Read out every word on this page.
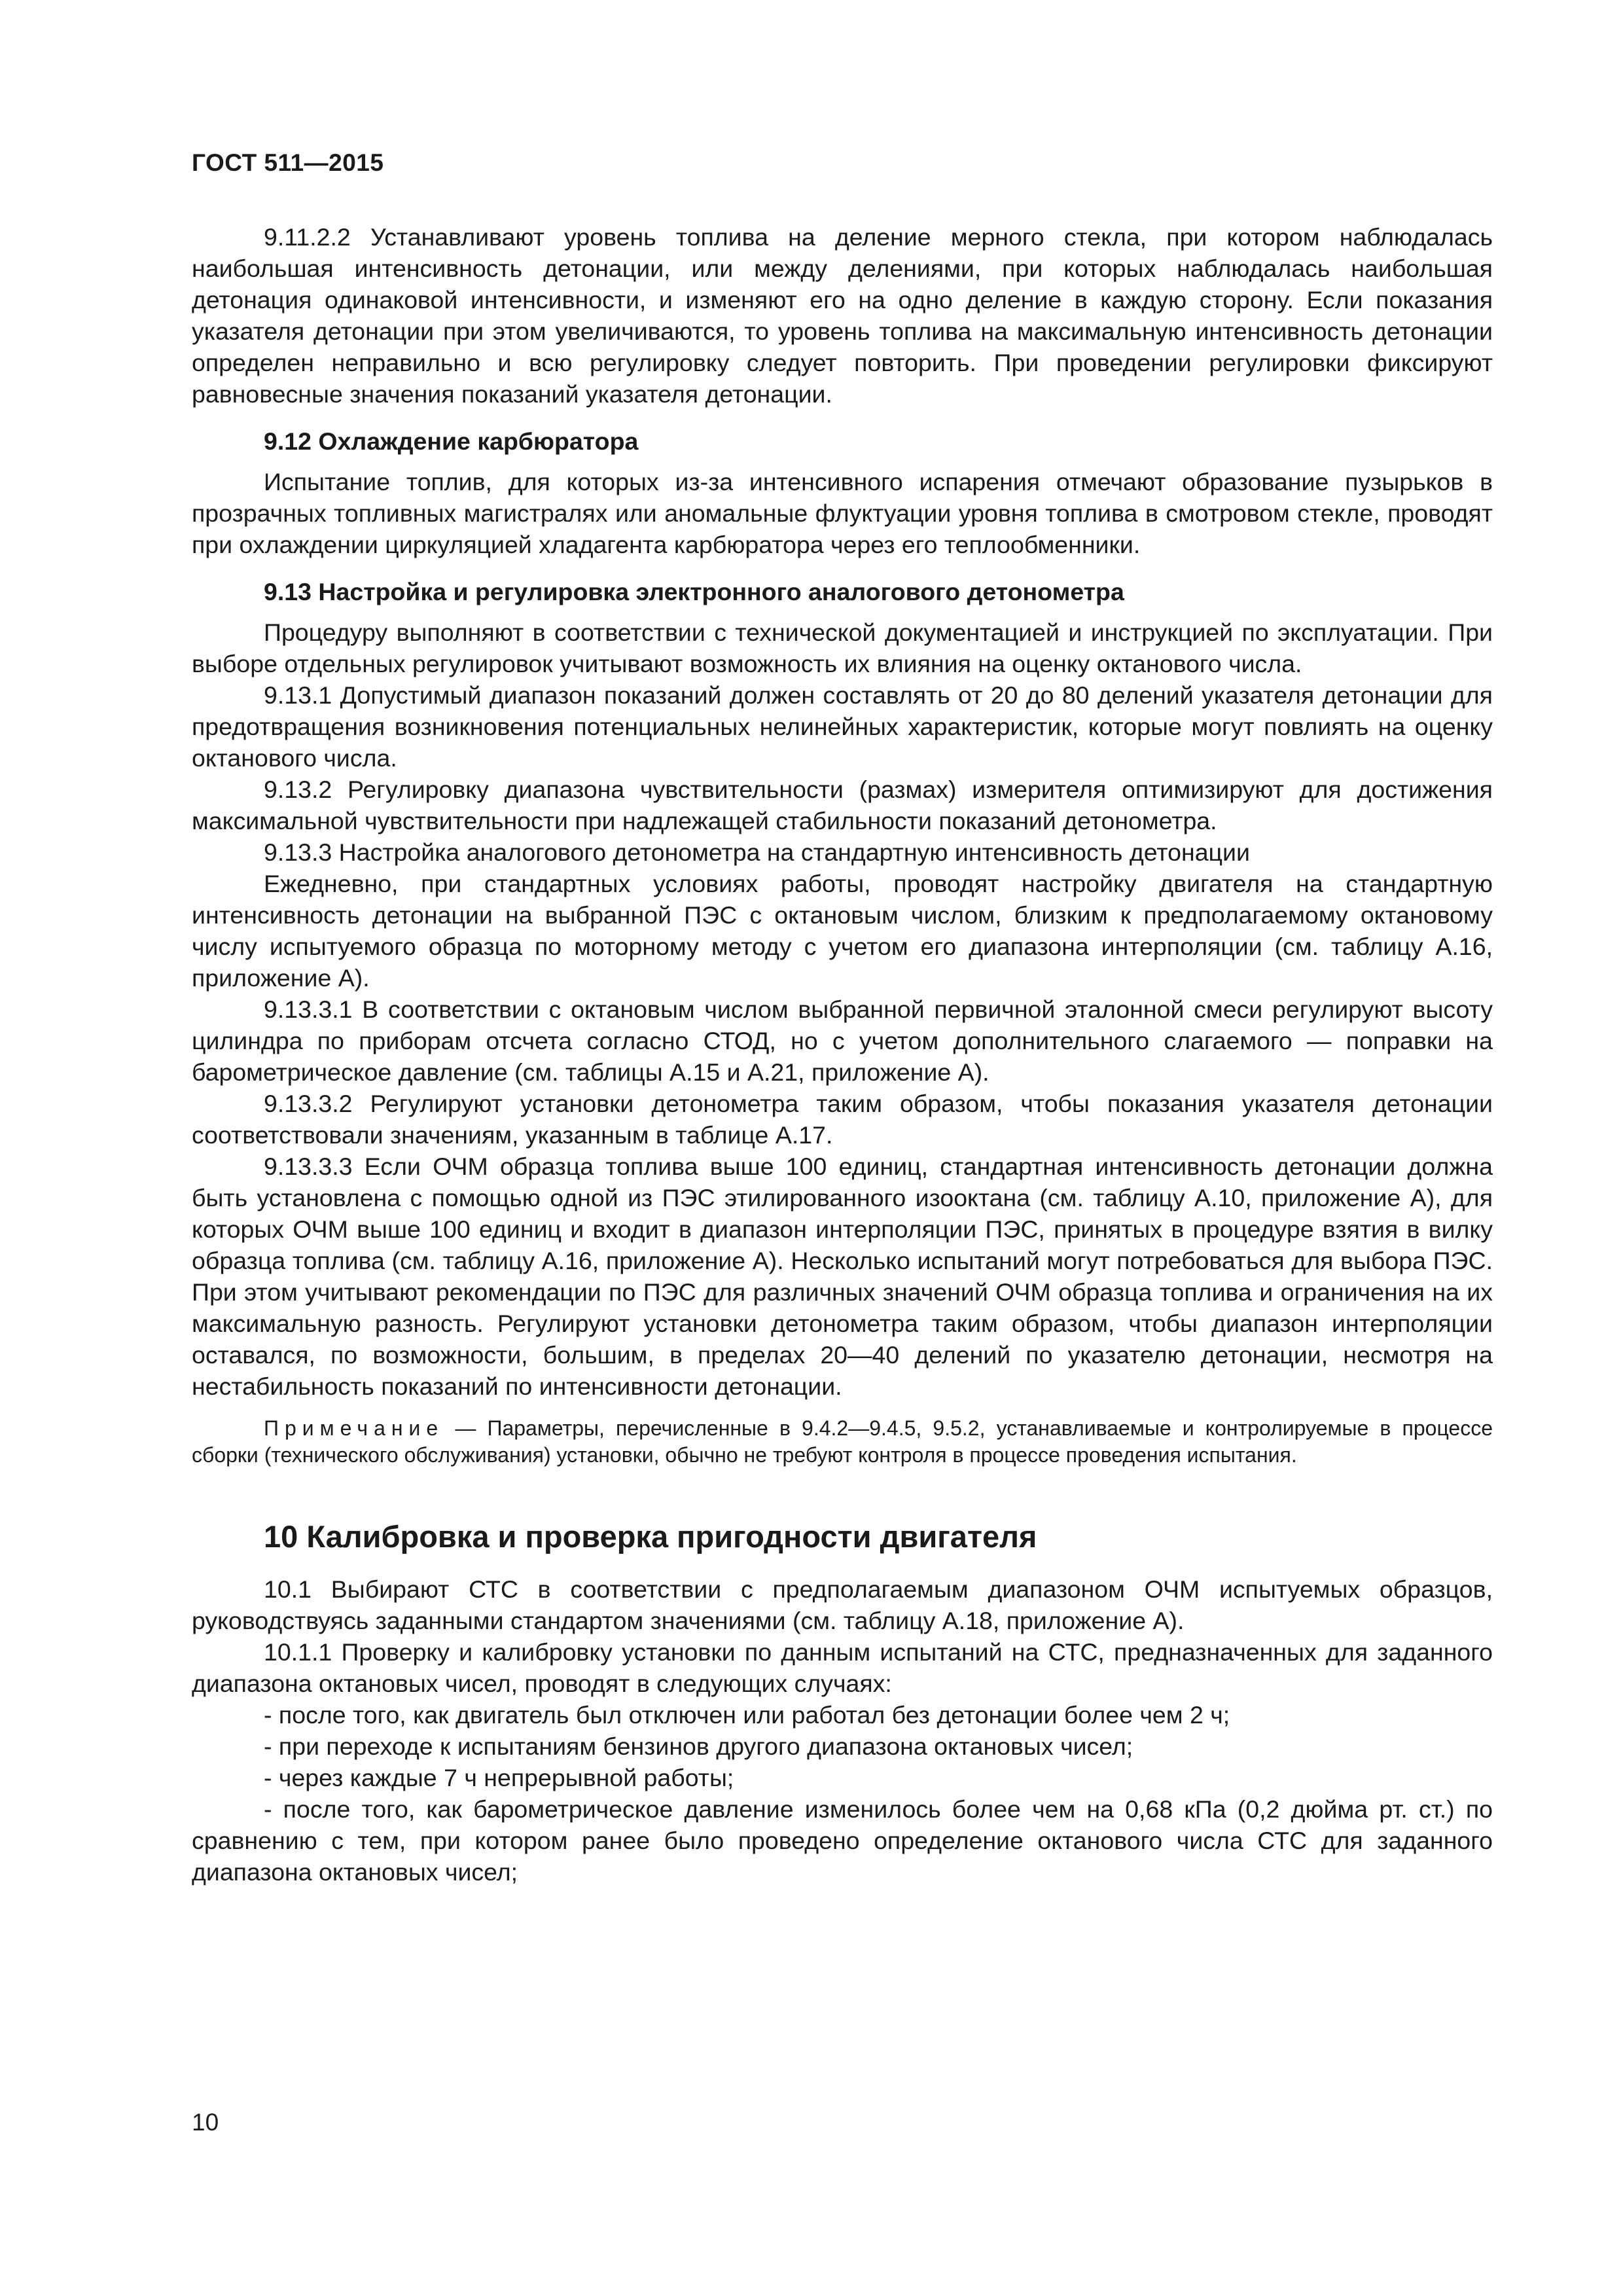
ГОСТ 511—2015

9.11.2.2 Устанавливают уровень топлива на деление мерного стекла, при котором наблюдалась наибольшая интенсивность детонации, или между делениями, при которых наблюдалась наибольшая детонация одинаковой интенсивности, и изменяют его на одно деление в каждую сторону. Если показания указателя детонации при этом увеличиваются, то уровень топлива на максимальную интенсивность детонации определен неправильно и всю регулировку следует повторить. При проведении регулировки фиксируют равновесные значения показаний указателя детонации.

9.12 Охлаждение карбюратора

Испытание топлив, для которых из-за интенсивного испарения отмечают образование пузырьков в прозрачных топливных магистралях или аномальные флуктуации уровня топлива в смотровом стекле, проводят при охлаждении циркуляцией хладагента карбюратора через его теплообменники.

9.13 Настройка и регулировка электронного аналогового детонометра

Процедуру выполняют в соответствии с технической документацией и инструкцией по эксплуатации. При выборе отдельных регулировок учитывают возможность их влияния на оценку октанового числа.

9.13.1 Допустимый диапазон показаний должен составлять от 20 до 80 делений указателя детонации для предотвращения возникновения потенциальных нелинейных характеристик, которые могут повлиять на оценку октанового числа.

9.13.2 Регулировку диапазона чувствительности (размах) измерителя оптимизируют для достижения максимальной чувствительности при надлежащей стабильности показаний детонометра.

9.13.3 Настройка аналогового детонометра на стандартную интенсивность детонации

Ежедневно, при стандартных условиях работы, проводят настройку двигателя на стандартную интенсивность детонации на выбранной ПЭС с октановым числом, близким к предполагаемому октановому числу испытуемого образца по моторному методу с учетом его диапазона интерполяции (см. таблицу А.16, приложение А).

9.13.3.1 В соответствии с октановым числом выбранной первичной эталонной смеси регулируют высоту цилиндра по приборам отсчета согласно СТОД, но с учетом дополнительного слагаемого — поправки на барометрическое давление (см. таблицы А.15 и А.21, приложение А).

9.13.3.2 Регулируют установки детонометра таким образом, чтобы показания указателя детонации соответствовали значениям, указанным в таблице А.17.

9.13.3.3 Если ОЧМ образца топлива выше 100 единиц, стандартная интенсивность детонации должна быть установлена с помощью одной из ПЭС этилированного изооктана (см. таблицу А.10, приложение А), для которых ОЧМ выше 100 единиц и входит в диапазон интерполяции ПЭС, принятых в процедуре взятия в вилку образца топлива (см. таблицу А.16, приложение А). Несколько испытаний могут потребоваться для выбора ПЭС. При этом учитывают рекомендации по ПЭС для различных значений ОЧМ образца топлива и ограничения на их максимальную разность. Регулируют установки детонометра таким образом, чтобы диапазон интерполяции оставался, по возможности, большим, в пределах 20—40 делений по указателю детонации, несмотря на нестабильность показаний по интенсивности детонации.

Примечание — Параметры, перечисленные в 9.4.2—9.4.5, 9.5.2, устанавливаемые и контролируемые в процессе сборки (технического обслуживания) установки, обычно не требуют контроля в процессе проведения испытания.

10 Калибровка и проверка пригодности двигателя

10.1 Выбирают СТС в соответствии с предполагаемым диапазоном ОЧМ испытуемых образцов, руководствуясь заданными стандартом значениями (см. таблицу А.18, приложение А).

10.1.1 Проверку и калибровку установки по данным испытаний на СТС, предназначенных для заданного диапазона октановых чисел, проводят в следующих случаях:

- после того, как двигатель был отключен или работал без детонации более чем 2 ч;

- при переходе к испытаниям бензинов другого диапазона октановых чисел;

- через каждые 7 ч непрерывной работы;

- после того, как барометрическое давление изменилось более чем на 0,68 кПа (0,2 дюйма рт. ст.) по сравнению с тем, при котором ранее было проведено определение октанового числа СТС для заданного диапазона октановых чисел;

10
